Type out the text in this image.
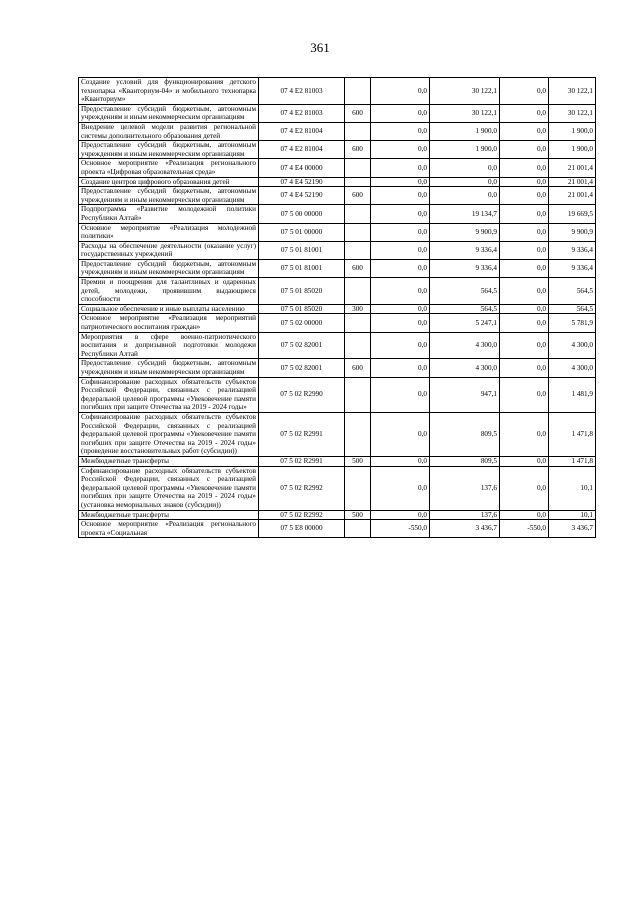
361
Создание условий для функционирования детского технопарка «Кванториум-04» и мобильного технопарка «Кванториум»	07 4 Е2 81003		0,0	30 122,1	0,0	30 122,1
Предоставление субсидий бюджетным, автономным учреждениям и иным некоммерческим организациям	07 4 Е2 81003	600	0,0	30 122,1	0,0	30 122,1
Внедрение целевой модели развития региональной системы дополнительного образования детей	07 4 Е2 81004		0,0	1 900,0	0,0	1 900,0
Предоставление субсидий бюджетным, автономным учреждениям и иным некоммерческим организациям	07 4 Е2 81004	600	0,0	1 900,0	0,0	1 900,0
Основное мероприятие «Реализация регионального проекта «Цифровая образовательная среда»	07 4 Е4 00000		0,0	0,0	0,0	21 001,4
Создание центров цифрового образования детей	07 4 Е4 52190		0,0	0,0	0,0	21 001,4
Предоставление субсидий бюджетным, автономным учреждениям и иным некоммерческим организациям	07 4 Е4 52190	600	0,0	0,0	0,0	21 001,4
Подпрограмма «Развитие молодежной политики Республики Алтай»	07 5 00 00000		0,0	19 134,7	0,0	19 669,5
Основное мероприятие «Реализация молодежной политики»	07 5 01 00000		0,0	9 900,9	0,0	9 900,9
Расходы на обеспечение деятельности (оказание услуг) государственных учреждений	07 5 01 81001		0,0	9 336,4	0,0	9 336,4
Предоставление субсидий бюджетным, автономным учреждениям и иным некоммерческим организациям	07 5 01 81001	600	0,0	9 336,4	0,0	9 336,4
Премии и поощрения для талантливых и одаренных детей, молодежи, проявившим выдающиеся способности	07 5 01 85020		0,0	564,5	0,0	564,5
Социальное обеспечение и иные выплаты населению	07 5 01 85020	300	0,0	564,5	0,0	564,5
Основное мероприятие «Реализация мероприятий патриотического воспитания граждан»	07 5 02 00000		0,0	5 247,1	0,0	5 781,9
Мероприятия в сфере военно-патриотического воспитания и допризывной подготовки молодежи Республики Алтай	07 5 02 82001		0,0	4 300,0	0,0	4 300,0
Предоставление субсидий бюджетным, автономным учреждениям и иным некоммерческим организациям	07 5 02 82001	600	0,0	4 300,0	0,0	4 300,0
Софинансирование расходных обязательств субъектов Российской Федерации, связанных с реализацией федеральной целевой программы «Увековечение памяти погибших при защите Отечества на 2019 - 2024 годы»	07 5 02 R2990		0,0	947,1	0,0	1 481,9
Софинансирование расходных обязательств субъектов Российской Федерации, связанных с реализацией федеральной целевой программы «Увековечение памяти погибших при защите Отечества на 2019 - 2024 годы» (проведение восстановительных работ (субсидии))	07 5 02 R2991		0,0	809,5	0,0	1 471,8
Межбюджетные трансферты	07 5 02 R2991	500	0,0	809,5	0,0	1 471,8
Софинансирование расходных обязательств субъектов Российской Федерации, связанных с реализацией федеральной целевой программы «Увековечение памяти погибших при защите Отечества на 2019 - 2024 годы» (установка мемориальных знаков (субсидии))	07 5 02 R2992		0,0	137,6	0,0	10,1
Межбюджетные трансферты	07 5 02 R2992	500	0,0	137,6	0,0	10,1
Основное мероприятие «Реализация регионального проекта «Социальная	07 5 Е8 00000		-550,0	3 436,7	-550,0	3 436,7
